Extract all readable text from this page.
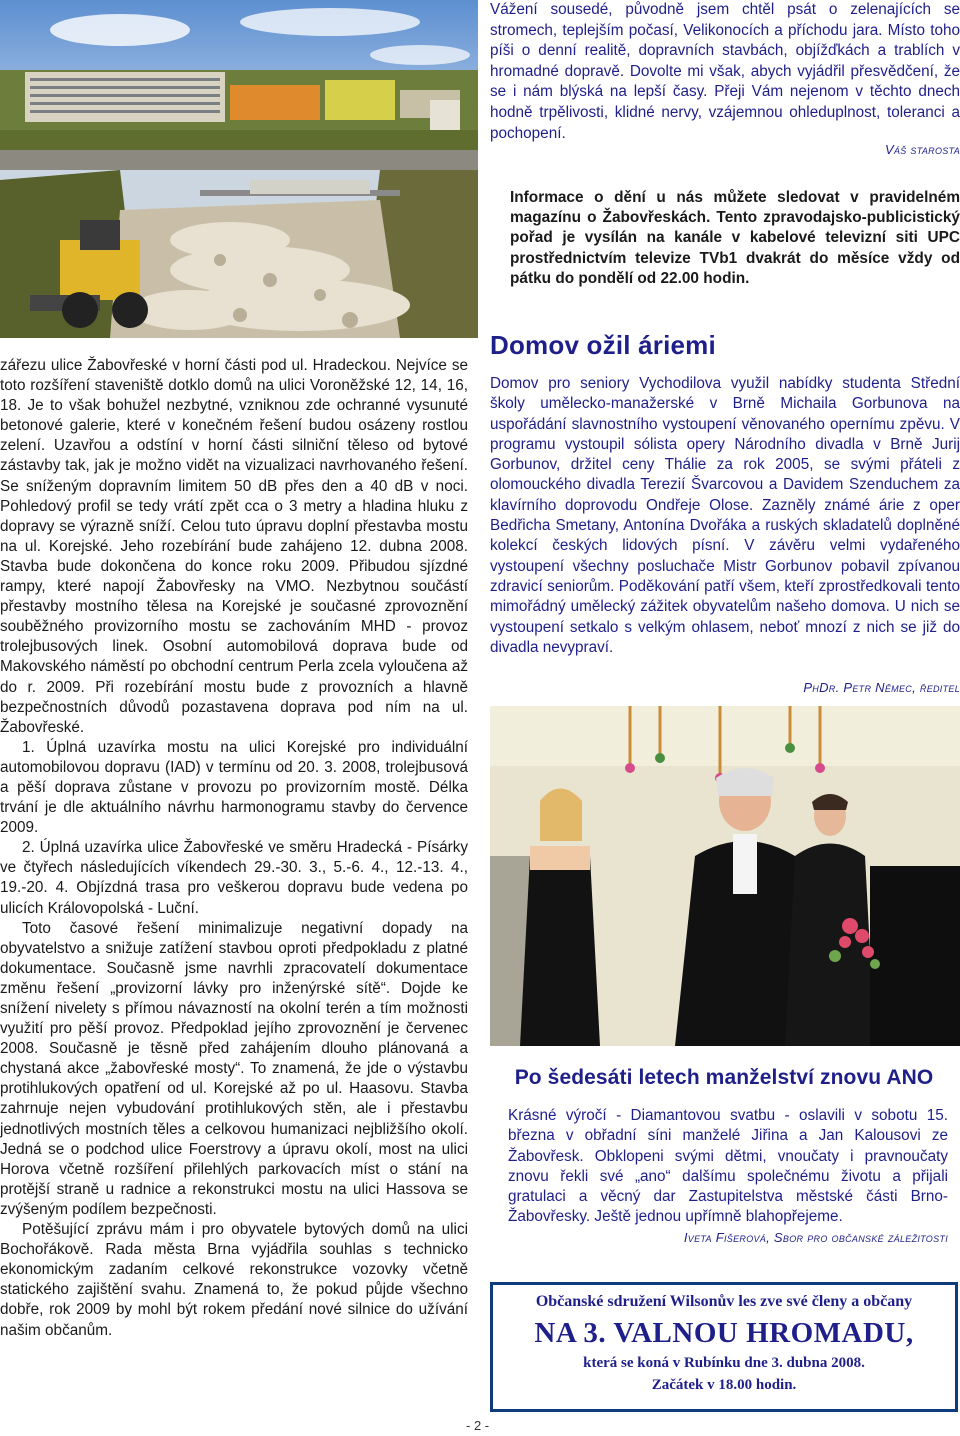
Vážení sousedé, původně jsem chtěl psát o zelenajících se stromech, teplejším počasí, Velikonocích a příchodu jara. Místo toho píši o denní realitě, dopravních stavbách, objížďkách a trablích v hromadné dopravě. Dovolte mi však, abych vyjádřil přesvědčení, že se i nám blýská na lepší časy. Přeji Vám nejenom v těchto dnech hodně trpělivosti, klidné nervy, vzájemnou ohleduplnost, toleranci a pochopení.

Váš starosta
Informace o dění u nás můžete sledovat v pravidelném magazínu o Žabovřeskách. Tento zpravodajsko-publicistický pořad je vysílán na kanále v kabelové televizní siti UPC prostřednictvím televize TVb1 dvakrát do měsíce vždy od pátku do pondělí od 22.00 hodin.

zářezu ulice Žabovřeské v horní části pod ul. Hradeckou. Nejvíce se toto rozšíření staveniště dotklo domů na ulici Voroněžské 12, 14, 16, 18. Je to však bohužel nezbytné, vzniknou zde ochranné vysunuté betonové galerie, které v konečném řešení budou osázeny rostlou zelení. Uzavřou a odstíní v horní části silniční těleso od bytové zástavby tak, jak je možno vidět na vizualizaci navrhovaného řešení. Se sníženým dopravním limitem 50 dB přes den a 40 dB v noci. Pohledový profil se tedy vrátí zpět cca o 3 metry a hladina hluku z dopravy se výrazně sníží. Celou tuto úpravu doplní přestavba mostu na ul. Korejské. Jeho rozebírání bude zahájeno 12. dubna 2008. Stavba bude dokončena do konce roku 2009. Přibudou sjízdné rampy, které napojí Žabovřesky na VMO. Nezbytnou součástí přestavby mostního tělesa na Korejské je současné zprovoznění souběžného provizorního mostu se zachováním MHD - provoz trolejbusových linek. Osobní automobilová doprava bude od Makovského náměstí po obchodní centrum Perla zcela vyloučena až do r. 2009. Při rozebírání mostu bude z provozních a hlavně bezpečnostních důvodů pozastavena doprava pod ním na ul. Žabovřeské.

1. Úplná uzavírka mostu na ulici Korejské pro individuální automobilovou dopravu (IAD) v termínu od 20. 3. 2008, trolejbusová a pěší doprava zůstane v provozu po provizorním mostě. Délka trvání je dle aktuálního návrhu harmonogramu stavby do července 2009.

2. Úplná uzavírka ulice Žabovřeské ve směru Hradecká - Písárky ve čtyřech následujících víkendech 29.-30. 3., 5.-6. 4., 12.-13. 4., 19.-20. 4. Objízdná trasa pro veškerou dopravu bude vedena po ulicích Královopolská - Luční.

Toto časové řešení minimalizuje negativní dopady na obyvatelstvo a snižuje zatížení stavbou oproti předpokladu z platné dokumentace. Současně jsme navrhli zpracovatelí dokumentace změnu řešení „provizorní lávky pro inženýrské sítě“. Dojde ke snížení nivelety s přímou návazností na okolní terén a tím možnosti využití pro pěší provoz. Předpoklad jejího zprovoznění je červenec 2008. Současně je těsně před zahájením dlouho plánovaná a chystaná akce „žabovřeské mosty“. To znamená, že jde o výstavbu protihlukových opatření od ul. Korejské až po ul. Haasovu. Stavba zahrnuje nejen vybudování protihlukových stěn, ale i přestavbu jednotlivých mostních těles a celkovou humanizaci nejbližšího okolí. Jedná se o podchod ulice Foerstrovy a úpravu okolí, most na ulici Horova včetně rozšíření přilehlých parkovacích míst o stání na protější straně u radnice a rekonstrukci mostu na ulici Hassova se zvýšeným podílem bezpečnosti.

Potěšující zprávu mám i pro obyvatele bytových domů na ulici Bochořákově. Rada města Brna vyjádřila souhlas s technicko ekonomickým zadaním celkové rekonstrukce vozovky včetně statického zajištění svahu. Znamená to, že pokud půjde všechno dobře, rok 2009 by mohl být rokem předání nové silnice do užívání našim občanům.

Domov ožil áriemi
Domov pro seniory Vychodilova využil nabídky studenta Střední školy umělecko-manažerské v Brně Michaila Gorbunova na uspořádání slavnostního vystoupení věnovaného opernímu zpěvu. V programu vystoupil sólista opery Národního divadla v Brně Jurij Gorbunov, držitel ceny Thálie za rok 2005, se svými přáteli z olomouckého divadla Terezií Švarcovou a Davidem Szenduchem za klavírního doprovodu Ondřeje Olose. Zazněly známé árie z oper Bedřicha Smetany, Antonína Dvořáka a ruských skladatelů doplněné kolekcí českých lidových písní. V závěru velmi vydařeného vystoupení všechny posluchače Mistr Gorbunov pobavil zpívanou zdravicí seniorům. Poděkování patří všem, kteří zprostředkovali tento mimořádný umělecký zážitek obyvatelům našeho domova. U nich se vystoupení setkalo s velkým ohlasem, neboť mnozí z nich se již do divadla nevypraví.
PhDr. Petr Němec, ředitel
Po šedesáti letech manželství znovu ANO
Krásné výročí - Diamantovou svatbu - oslavili v sobotu 15. března v obřadní síni manželé Jiřina a Jan Kalousovi ze Žabovřesk. Obklopeni svými dětmi, vnoučaty i pravnoučaty znovu řekli své „ano“ dalšímu společnému životu a přijali gratulaci a věcný dar Zastupitelstva městské části Brno-Žabovřesky. Ještě jednou upřímně blahopřejeme.
Iveta Fišerová, Sbor pro občanské záležitosti
Občanské sdružení Wilsonův les zve své členy a občany
NA 3. VALNOU HROMADU,
která se koná v Rubínku dne 3. dubna 2008.
Začátek v 18.00 hodin.
- 2 -
